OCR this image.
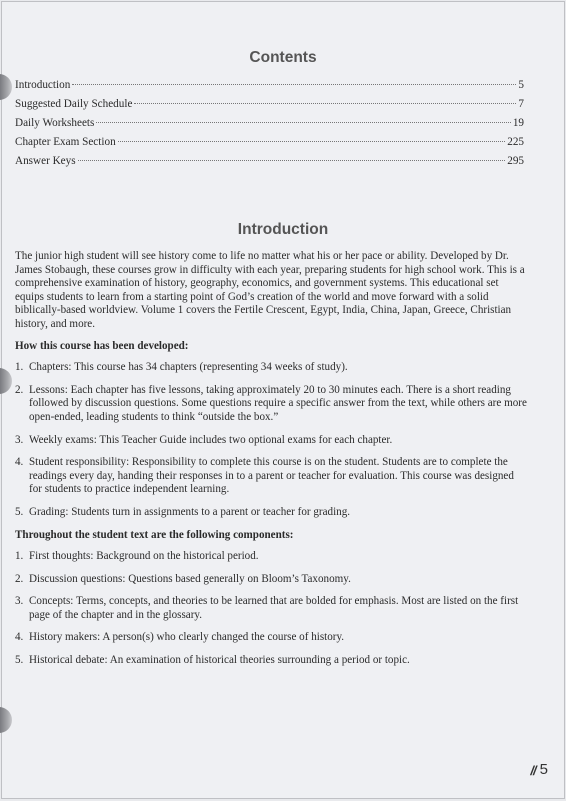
Contents
Introduction	5
Suggested Daily Schedule	7
Daily Worksheets	19
Chapter Exam Section	225
Answer Keys	295
Introduction

The junior high student will see history come to life no matter what his or her pace or ability. Developed by Dr. James Stobaugh, these courses grow in difficulty with each year, preparing students for high school work. This is a comprehensive examination of history, geography, economics, and government systems. This educational set equips students to learn from a starting point of God’s creation of the world and move forward with a solid biblically-based worldview. Volume 1 covers the Fertile Crescent, Egypt, India, China, Japan, Greece, Christian history, and more.

How this course has been developed:

1. Chapters: This course has 34 chapters (representing 34 weeks of study).
2. Lessons: Each chapter has five lessons, taking approximately 20 to 30 minutes each. There is a short reading followed by discussion questions. Some questions require a specific answer from the text, while others are more open-ended, leading students to think “outside the box.”
3. Weekly exams: This Teacher Guide includes two optional exams for each chapter.
4. Student responsibility: Responsibility to complete this course is on the student. Students are to complete the readings every day, handing their responses in to a parent or teacher for evaluation. This course was designed for students to practice independent learning.
5. Grading: Students turn in assignments to a parent or teacher for grading.

Throughout the student text are the following components:

1. First thoughts: Background on the historical period.
2. Discussion questions: Questions based generally on Bloom’s Taxonomy.
3. Concepts: Terms, concepts, and theories to be learned that are bolded for emphasis. Most are listed on the first page of the chapter and in the glossary.
4. History makers: A person(s) who clearly changed the course of history.
5. Historical debate: An examination of historical theories surrounding a period or topic.
// 5
